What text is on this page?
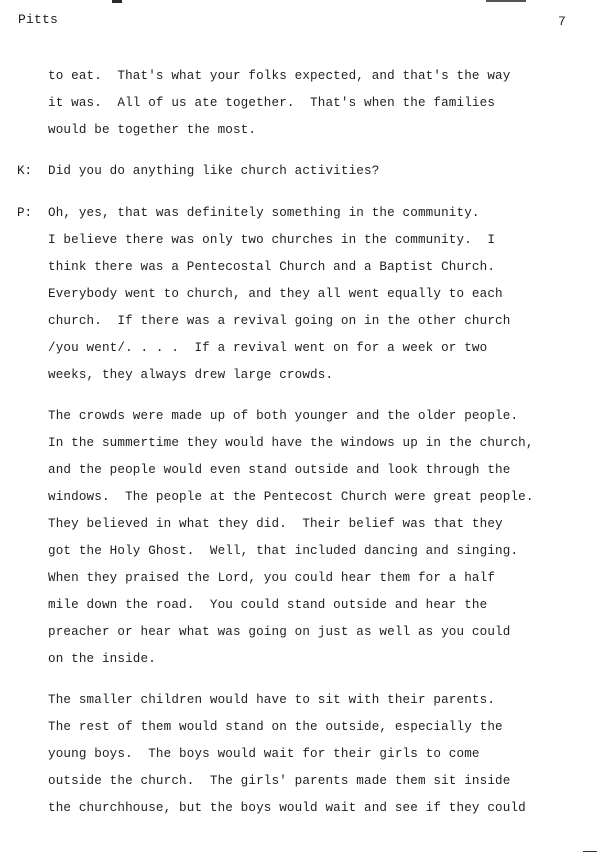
Pitts	7
to eat.  That's what your folks expected, and that's the way
it was.  All of us ate together.  That's when the families
would be together the most.
K: Did you do anything like church activities?
P: Oh, yes, that was definitely something in the community.
I believe there was only two churches in the community.  I
think there was a Pentecostal Church and a Baptist Church.
Everybody went to church, and they all went equally to each
church.  If there was a revival going on in the other church
/you went/. . . .  If a revival went on for a week or two
weeks, they always drew large crowds.
The crowds were made up of both younger and the older people.
In the summertime they would have the windows up in the church,
and the people would even stand outside and look through the
windows.  The people at the Pentecost Church were great people.
They believed in what they did.  Their belief was that they
got the Holy Ghost.  Well, that included dancing and singing.
When they praised the Lord, you could hear them for a half
mile down the road.  You could stand outside and hear the
preacher or hear what was going on just as well as you could
on the inside.
The smaller children would have to sit with their parents.
The rest of them would stand on the outside, especially the
young boys.  The boys would wait for their girls to come
outside the church.  The girls' parents made them sit inside
the churchhouse, but the boys would wait and see if they could
